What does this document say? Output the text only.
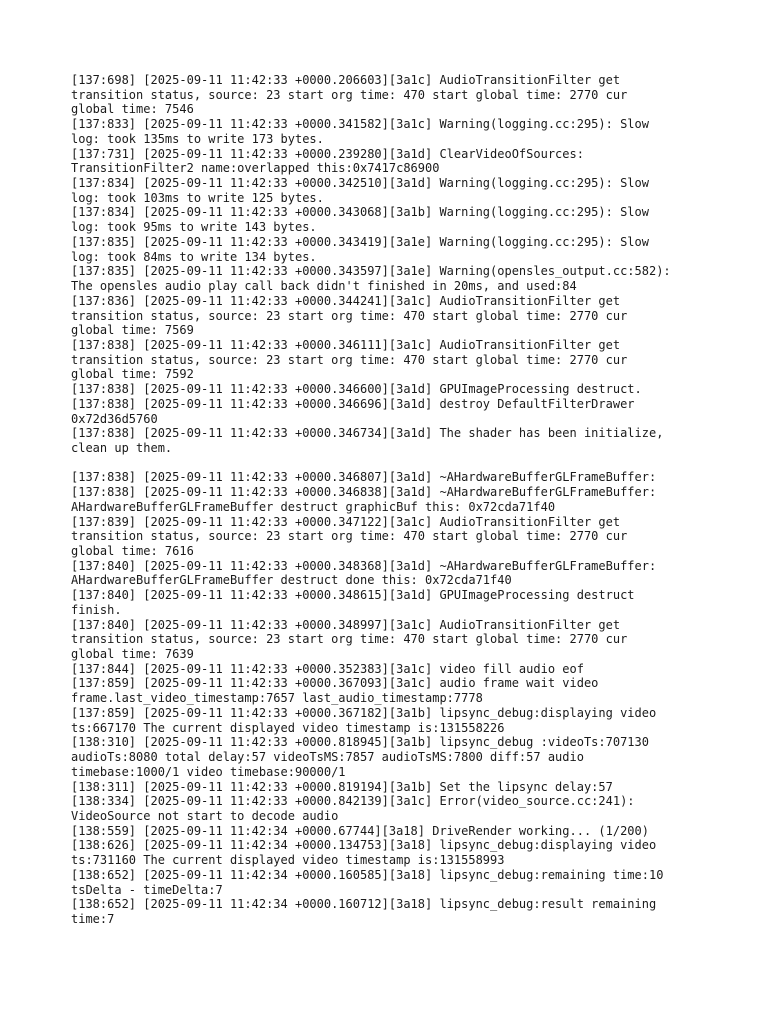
[137:698] [2025-09-11 11:42:33 +0000.206603][3a1c] AudioTransitionFilter get
transition status, source: 23 start org time: 470 start global time: 2770 cur
global time: 7546
[137:833] [2025-09-11 11:42:33 +0000.341582][3a1c] Warning(logging.cc:295): Slow
log: took 135ms to write 173 bytes.
[137:731] [2025-09-11 11:42:33 +0000.239280][3a1d] ClearVideoOfSources:
TransitionFilter2 name:overlapped this:0x7417c86900
[137:834] [2025-09-11 11:42:33 +0000.342510][3a1d] Warning(logging.cc:295): Slow
log: took 103ms to write 125 bytes.
[137:834] [2025-09-11 11:42:33 +0000.343068][3a1b] Warning(logging.cc:295): Slow
log: took 95ms to write 143 bytes.
[137:835] [2025-09-11 11:42:33 +0000.343419][3a1e] Warning(logging.cc:295): Slow
log: took 84ms to write 134 bytes.
[137:835] [2025-09-11 11:42:33 +0000.343597][3a1e] Warning(opensles_output.cc:582):
The opensles audio play call back didn't finished in 20ms, and used:84
[137:836] [2025-09-11 11:42:33 +0000.344241][3a1c] AudioTransitionFilter get
transition status, source: 23 start org time: 470 start global time: 2770 cur
global time: 7569
[137:838] [2025-09-11 11:42:33 +0000.346111][3a1c] AudioTransitionFilter get
transition status, source: 23 start org time: 470 start global time: 2770 cur
global time: 7592
[137:838] [2025-09-11 11:42:33 +0000.346600][3a1d] GPUImageProcessing destruct.
[137:838] [2025-09-11 11:42:33 +0000.346696][3a1d] destroy DefaultFilterDrawer
0x72d36d5760
[137:838] [2025-09-11 11:42:33 +0000.346734][3a1d] The shader has been initialize,
clean up them.
[137:838] [2025-09-11 11:42:33 +0000.346807][3a1d] ~AHardwareBufferGLFrameBuffer:
[137:838] [2025-09-11 11:42:33 +0000.346838][3a1d] ~AHardwareBufferGLFrameBuffer:
AHardwareBufferGLFrameBuffer destruct graphicBuf this: 0x72cda71f40
[137:839] [2025-09-11 11:42:33 +0000.347122][3a1c] AudioTransitionFilter get
transition status, source: 23 start org time: 470 start global time: 2770 cur
global time: 7616
[137:840] [2025-09-11 11:42:33 +0000.348368][3a1d] ~AHardwareBufferGLFrameBuffer:
AHardwareBufferGLFrameBuffer destruct done this: 0x72cda71f40
[137:840] [2025-09-11 11:42:33 +0000.348615][3a1d] GPUImageProcessing destruct
finish.
[137:840] [2025-09-11 11:42:33 +0000.348997][3a1c] AudioTransitionFilter get
transition status, source: 23 start org time: 470 start global time: 2770 cur
global time: 7639
[137:844] [2025-09-11 11:42:33 +0000.352383][3a1c] video fill audio eof
[137:859] [2025-09-11 11:42:33 +0000.367093][3a1c] audio frame wait video
frame.last_video_timestamp:7657 last_audio_timestamp:7778
[137:859] [2025-09-11 11:42:33 +0000.367182][3a1b] lipsync_debug:displaying video
ts:667170 The current displayed video timestamp is:131558226
[138:310] [2025-09-11 11:42:33 +0000.818945][3a1b] lipsync_debug :videoTs:707130
audioTs:8080 total delay:57 videoTsMS:7857 audioTsMS:7800 diff:57 audio
timebase:1000/1 video timebase:90000/1
[138:311] [2025-09-11 11:42:33 +0000.819194][3a1b] Set the lipsync delay:57
[138:334] [2025-09-11 11:42:33 +0000.842139][3a1c] Error(video_source.cc:241):
VideoSource not start to decode audio
[138:559] [2025-09-11 11:42:34 +0000.67744][3a18] DriveRender working... (1/200)
[138:626] [2025-09-11 11:42:34 +0000.134753][3a18] lipsync_debug:displaying video
ts:731160 The current displayed video timestamp is:131558993
[138:652] [2025-09-11 11:42:34 +0000.160585][3a18] lipsync_debug:remaining time:10
tsDelta - timeDelta:7
[138:652] [2025-09-11 11:42:34 +0000.160712][3a18] lipsync_debug:result remaining
time:7
